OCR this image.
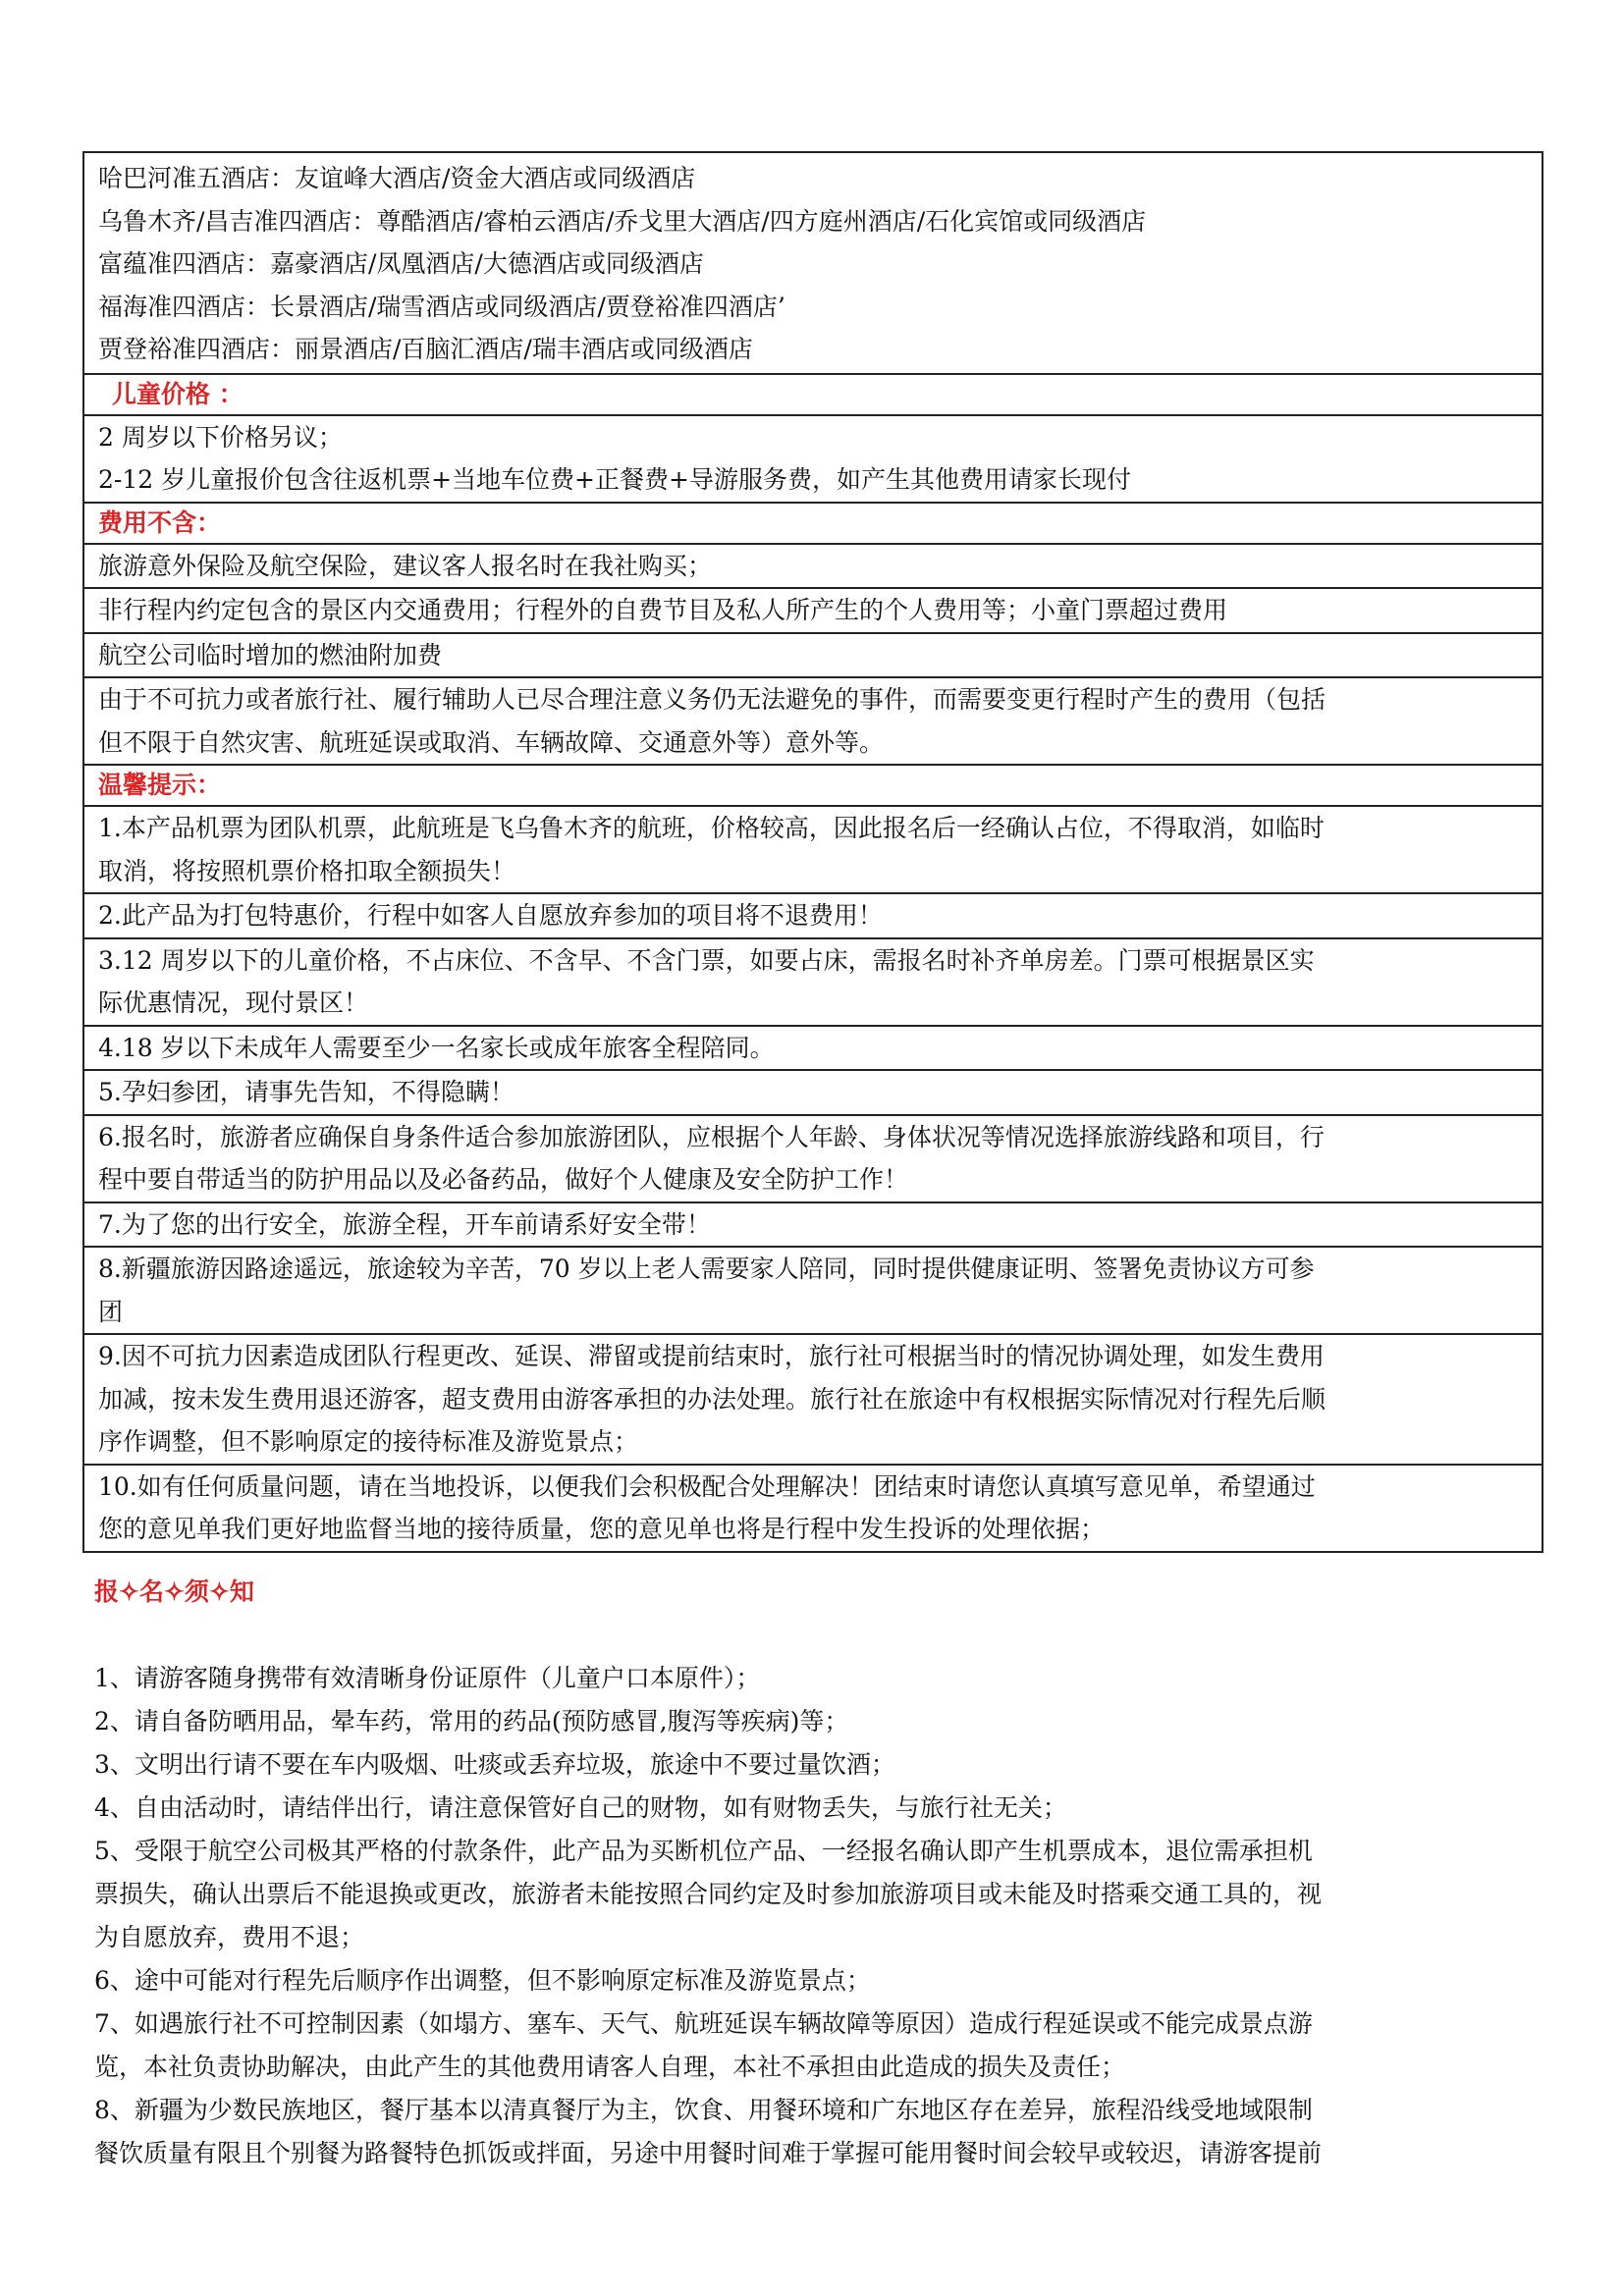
哈巴河准五酒店：友谊峰大酒店/资金大酒店或同级酒店
乌鲁木齐/昌吉准四酒店：尊酷酒店/睿柏云酒店/乔戈里大酒店/四方庭州酒店/石化宾馆或同级酒店
富蕴准四酒店：嘉豪酒店/凤凰酒店/大德酒店或同级酒店
福海准四酒店：长景酒店/瑞雪酒店或同级酒店/贾登裕准四酒店’
贾登裕准四酒店：丽景酒店/百脑汇酒店/瑞丰酒店或同级酒店
儿童价格 ：
2 周岁以下价格另议；
2-12 岁儿童报价包含往返机票+当地车位费+正餐费+导游服务费，如产生其他费用请家长现付
费用不含：
旅游意外保险及航空保险，建议客人报名时在我社购买；
非行程内约定包含的景区内交通费用；行程外的自费节目及私人所产生的个人费用等；小童门票超过费用
航空公司临时增加的燃油附加费
由于不可抗力或者旅行社、履行辅助人已尽合理注意义务仍无法避免的事件，而需要变更行程时产生的费用（包括
但不限于自然灾害、航班延误或取消、车辆故障、交通意外等）意外等。
温馨提示：
1.本产品机票为团队机票，此航班是飞乌鲁木齐的航班，价格较高，因此报名后一经确认占位，不得取消，如临时
取消，将按照机票价格扣取全额损失！
2.此产品为打包特惠价，行程中如客人自愿放弃参加的项目将不退费用！
3.12 周岁以下的儿童价格，不占床位、不含早、不含门票，如要占床，需报名时补齐单房差。门票可根据景区实
际优惠情况，现付景区！
4.18 岁以下未成年人需要至少一名家长或成年旅客全程陪同。
5.孕妇参团，请事先告知，不得隐瞒！
6.报名时，旅游者应确保自身条件适合参加旅游团队，应根据个人年龄、身体状况等情况选择旅游线路和项目，行
程中要自带适当的防护用品以及必备药品，做好个人健康及安全防护工作！
7.为了您的出行安全，旅游全程，开车前请系好安全带！
8.新疆旅游因路途遥远，旅途较为辛苦，70 岁以上老人需要家人陪同，同时提供健康证明、签署免责协议方可参
团
9.因不可抗力因素造成团队行程更改、延误、滞留或提前结束时，旅行社可根据当时的情况协调处理，如发生费用
加减，按未发生费用退还游客，超支费用由游客承担的办法处理。旅行社在旅途中有权根据实际情况对行程先后顺
序作调整，但不影响原定的接待标准及游览景点；
10.如有任何质量问题，请在当地投诉，以便我们会积极配合处理解决！团结束时请您认真填写意见单，希望通过
您的意见单我们更好地监督当地的接待质量，您的意见单也将是行程中发生投诉的处理依据；
报✧名✧须✧知
1、请游客随身携带有效清晰身份证原件（儿童户口本原件）；
2、请自备防晒用品，晕车药，常用的药品(预防感冒,腹泻等疾病)等；
3、文明出行请不要在车内吸烟、吐痰或丢弃垃圾，旅途中不要过量饮酒；
4、自由活动时，请结伴出行，请注意保管好自己的财物，如有财物丢失，与旅行社无关；
5、受限于航空公司极其严格的付款条件，此产品为买断机位产品、一经报名确认即产生机票成本，退位需承担机
票损失，确认出票后不能退换或更改，旅游者未能按照合同约定及时参加旅游项目或未能及时搭乘交通工具的，视
为自愿放弃，费用不退；
6、途中可能对行程先后顺序作出调整，但不影响原定标准及游览景点；
7、如遇旅行社不可控制因素（如塌方、塞车、天气、航班延误车辆故障等原因）造成行程延误或不能完成景点游
览，本社负责协助解决，由此产生的其他费用请客人自理，本社不承担由此造成的损失及责任；
8、新疆为少数民族地区，餐厅基本以清真餐厅为主，饮食、用餐环境和广东地区存在差异，旅程沿线受地域限制
餐饮质量有限且个别餐为路餐特色抓饭或拌面，另途中用餐时间难于掌握可能用餐时间会较早或较迟，请游客提前
